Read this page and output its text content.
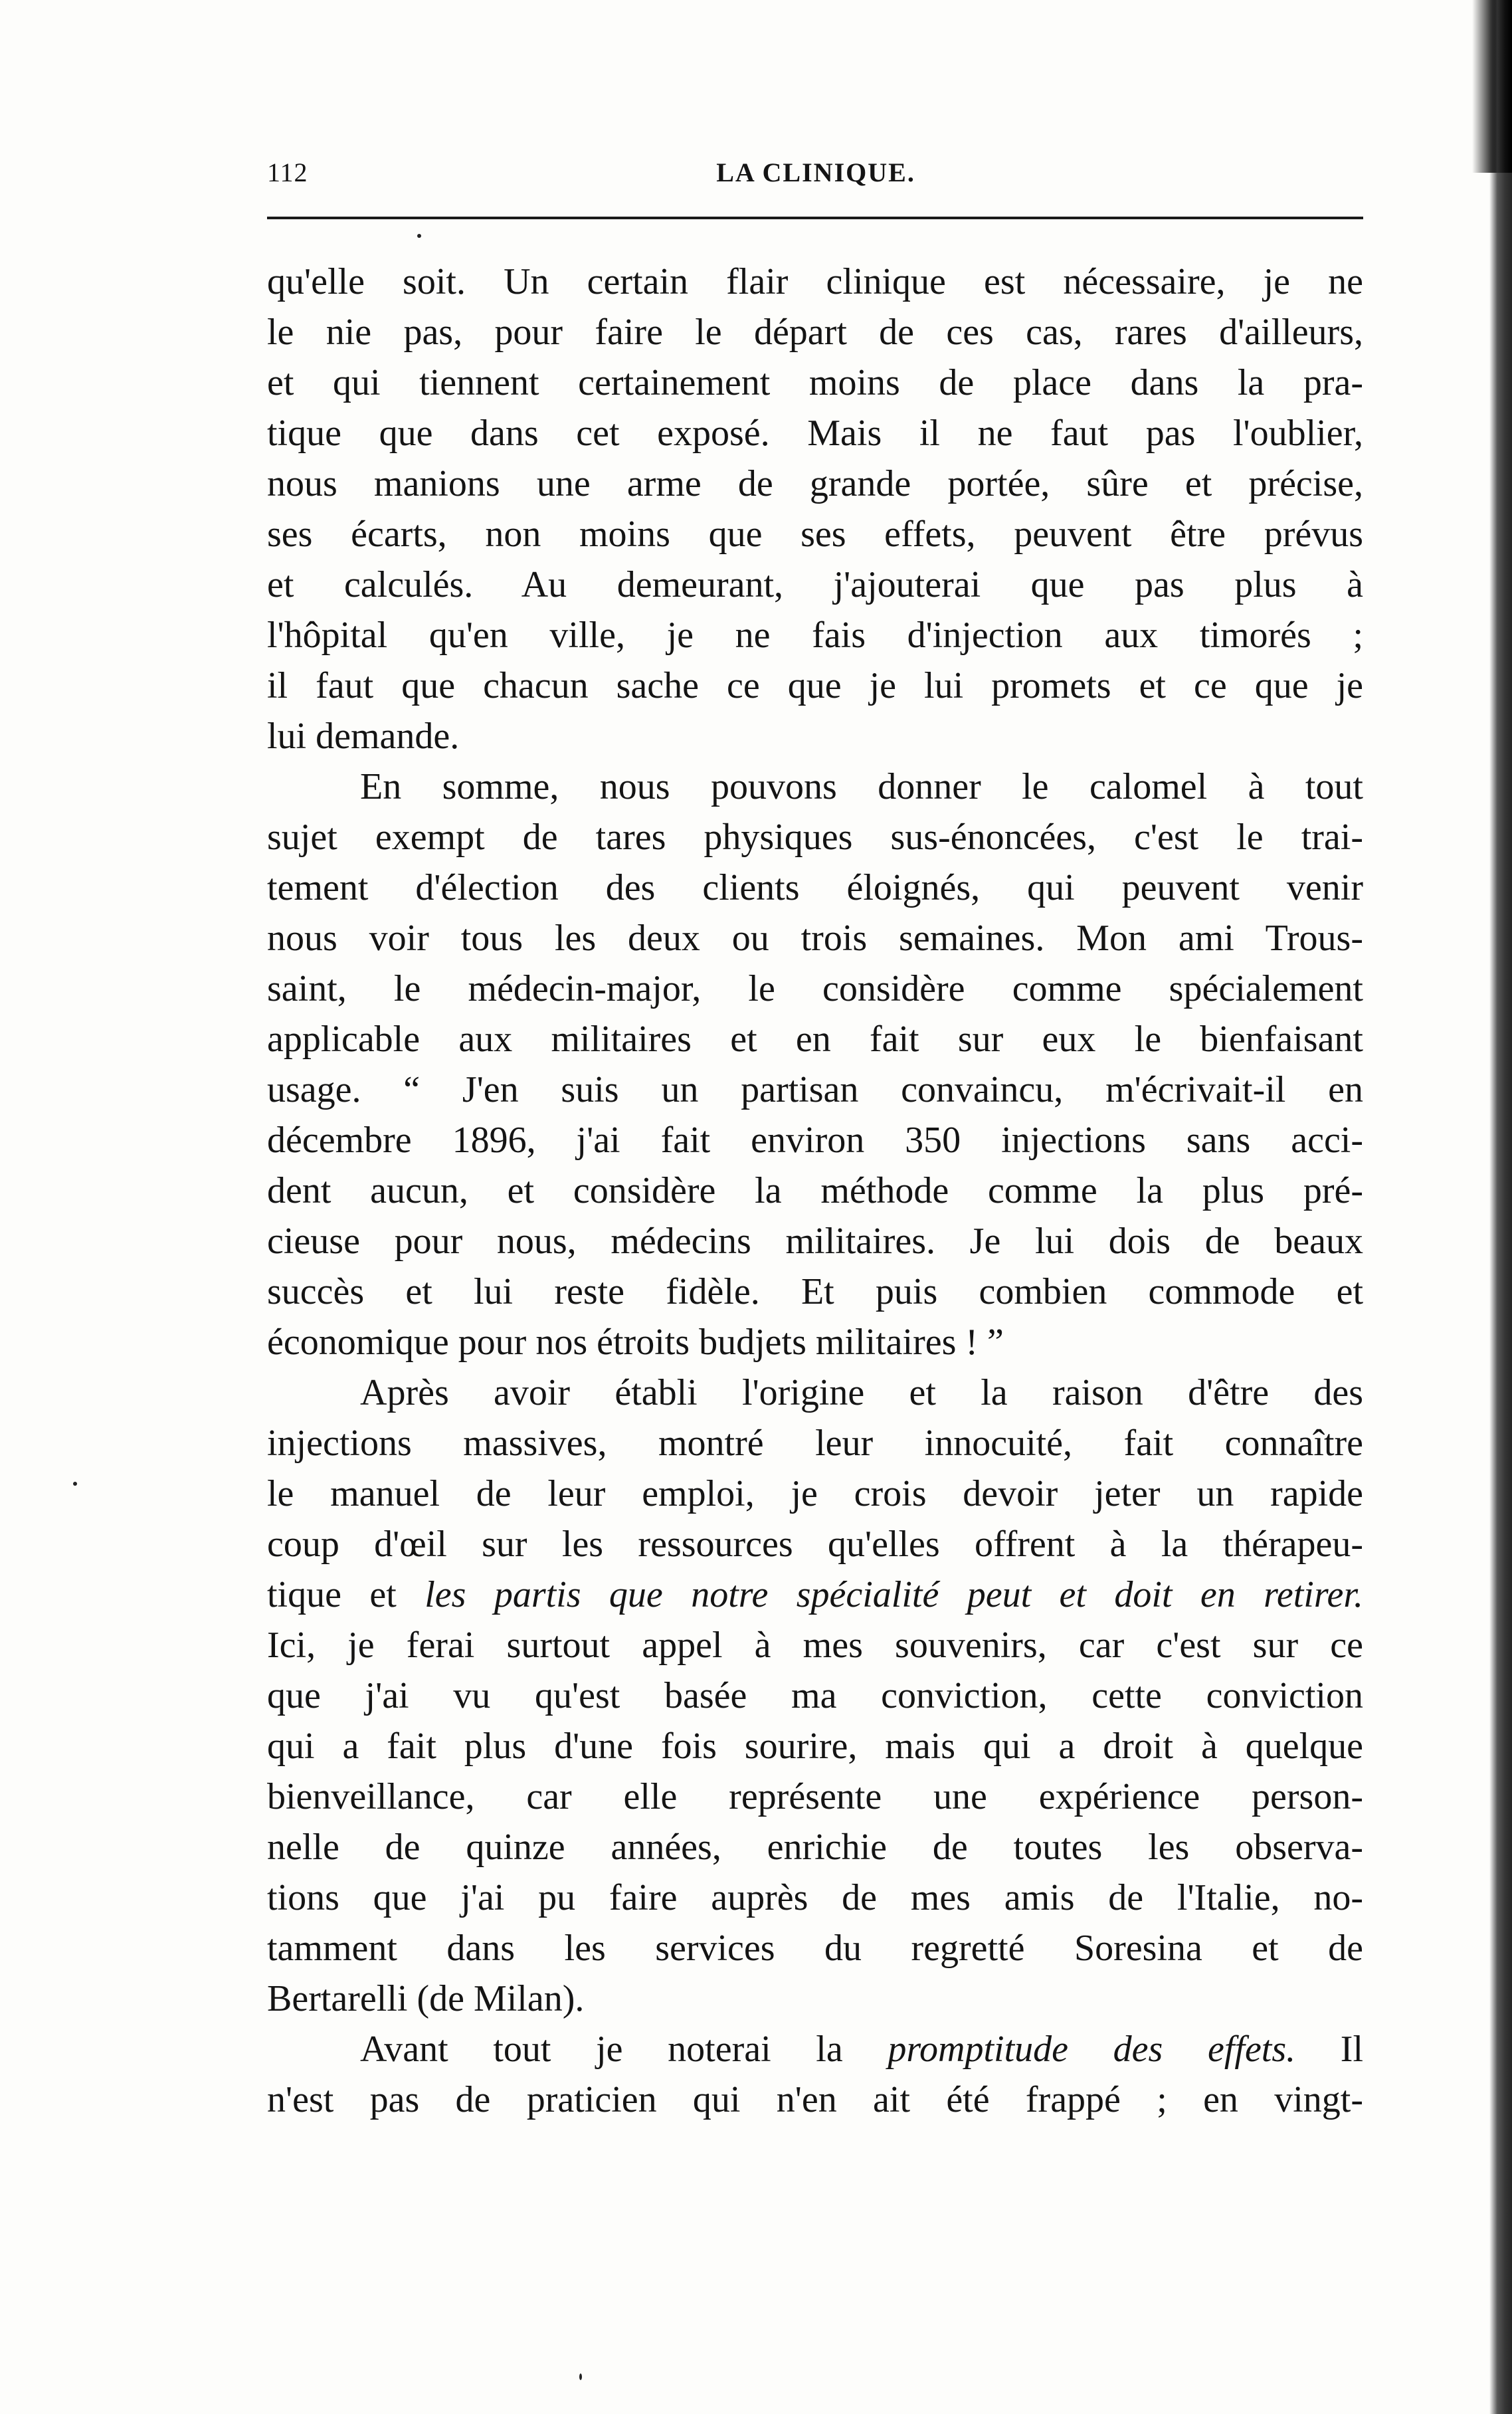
112	LA CLINIQUE.
qu'elle soit. Un certain flair clinique est nécessaire, je ne
le nie pas, pour faire le départ de ces cas, rares d'ailleurs,
et qui tiennent certainement moins de place dans la pra-
tique que dans cet exposé. Mais il ne faut pas l'oublier,
nous manions une arme de grande portée, sûre et précise,
ses écarts, non moins que ses effets, peuvent être prévus
et calculés. Au demeurant, j'ajouterai que pas plus à
l'hôpital qu'en ville, je ne fais d'injection aux timorés ;
il faut que chacun sache ce que je lui promets et ce que je
lui demande.
En somme, nous pouvons donner le calomel à tout
sujet exempt de tares physiques sus-énoncées, c'est le trai-
tement d'élection des clients éloignés, qui peuvent venir
nous voir tous les deux ou trois semaines. Mon ami Trous-
saint, le médecin-major, le considère comme spécialement
applicable aux militaires et en fait sur eux le bienfaisant
usage. “ J'en suis un partisan convaincu, m'écrivait-il en
décembre 1896, j'ai fait environ 350 injections sans acci-
dent aucun, et considère la méthode comme la plus pré-
cieuse pour nous, médecins militaires. Je lui dois de beaux
succès et lui reste fidèle. Et puis combien commode et
économique pour nos étroits budjets militaires ! ”
Après avoir établi l'origine et la raison d'être des
injections massives, montré leur innocuité, fait connaître
le manuel de leur emploi, je crois devoir jeter un rapide
coup d'œil sur les ressources qu'elles offrent à la thérapeu-
tique et les partis que notre spécialité peut et doit en retirer.
Ici, je ferai surtout appel à mes souvenirs, car c'est sur ce
que j'ai vu qu'est basée ma conviction, cette conviction
qui a fait plus d'une fois sourire, mais qui a droit à quelque
bienveillance, car elle représente une expérience person-
nelle de quinze années, enrichie de toutes les observa-
tions que j'ai pu faire auprès de mes amis de l'Italie, no-
tamment dans les services du regretté Soresina et de
Bertarelli (de Milan).
Avant tout je noterai la promptitude des effets. Il
n'est pas de praticien qui n'en ait été frappé ; en vingt-
